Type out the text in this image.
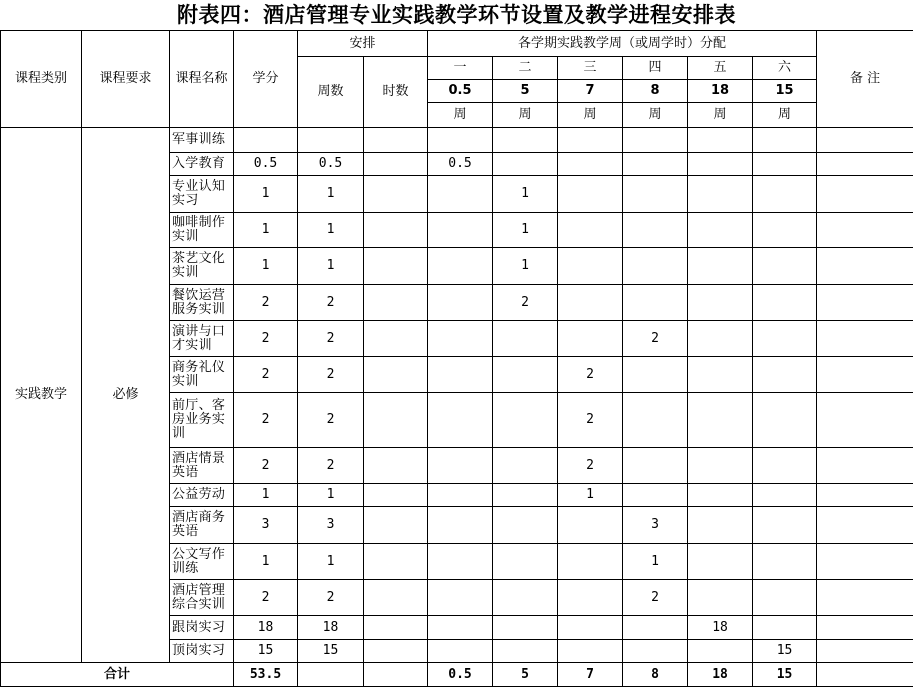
附表四：酒店管理专业实践教学环节设置及教学进程安排表
课程类别	课程要求	课程名称	学分	安排		各学期实践教学周（或周学时）分配						备 注
				周数	时数	一	二	三	四	五	六	
						0.5	5	7	8	18	15	
						周	周	周	周	周	周	
实践教学	必修	军事训练										
		入学教育	0.5	0.5		0.5						
		专业认知实习	1	1			1					
		咖啡制作实训	1	1			1					
		茶艺文化实训	1	1			1					
		餐饮运营服务实训	2	2			2					
		演讲与口才实训	2	2					2			
		商务礼仪实训	2	2				2				
		前厅、客房业务实训	2	2				2				
		酒店情景英语	2	2				2				
		公益劳动	1	1				1				
		酒店商务英语	3	3					3			
		公文写作训练	1	1					1			
		酒店管理综合实训	2	2					2			
		跟岗实习	18	18						18		
		顶岗实习	15	15							15	
合计			53.5			0.5	5	7	8	18	15	
